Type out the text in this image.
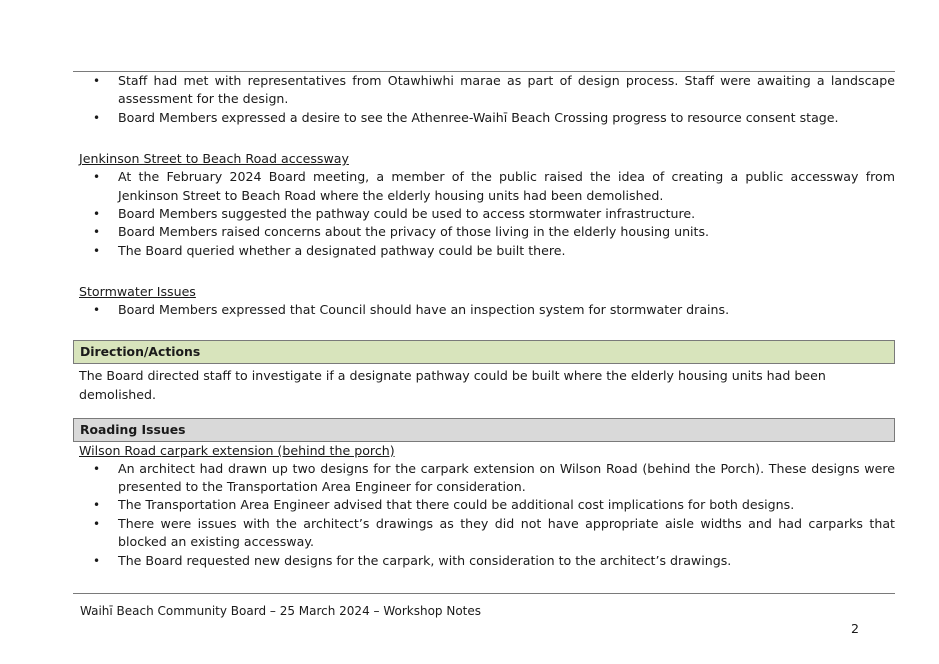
• Staff had met with representatives from Otawhiwhi marae as part of design process. Staff were awaiting a landscape assessment for the design.
• Board Members expressed a desire to see the Athenree-Waihī Beach Crossing progress to resource consent stage.
Jenkinson Street to Beach Road accessway
• At the February 2024 Board meeting, a member of the public raised the idea of creating a public accessway from Jenkinson Street to Beach Road where the elderly housing units had been demolished.
• Board Members suggested the pathway could be used to access stormwater infrastructure.
• Board Members raised concerns about the privacy of those living in the elderly housing units.
• The Board queried whether a designated pathway could be built there.
Stormwater Issues
• Board Members expressed that Council should have an inspection system for stormwater drains.
Direction/Actions
The Board directed staff to investigate if a designate pathway could be built where the elderly housing units had been demolished.
Roading Issues
Wilson Road carpark extension (behind the porch)
• An architect had drawn up two designs for the carpark extension on Wilson Road (behind the Porch). These designs were presented to the Transportation Area Engineer for consideration.
• The Transportation Area Engineer advised that there could be additional cost implications for both designs.
• There were issues with the architect’s drawings as they did not have appropriate aisle widths and had carparks that blocked an existing accessway.
• The Board requested new designs for the carpark, with consideration to the architect’s drawings.
Waihī Beach Community Board – 25 March 2024 – Workshop Notes
2
